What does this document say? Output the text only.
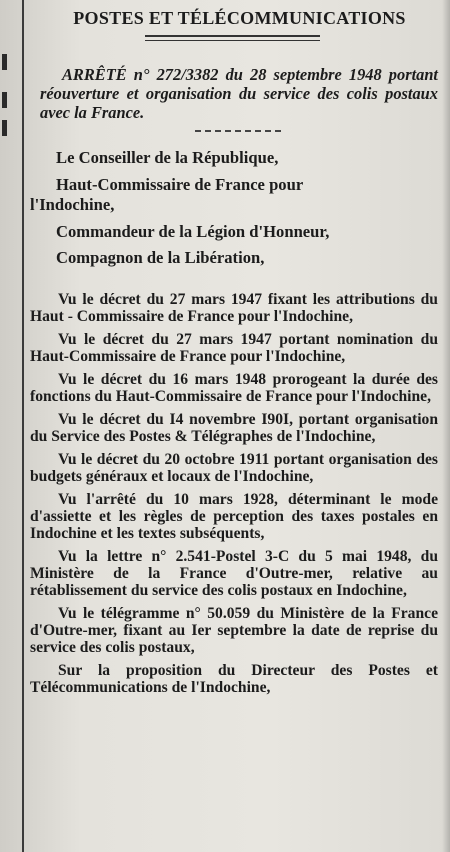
POSTES ET TÉLÉCOMMUNICATIONS
ARRÊTÉ n° 272/3382 du 28 septembre 1948 portant réouverture et organisation du service des colis postaux avec la France.
Le Conseiller de la République,
Haut-Commissaire de France pour
l'Indochine,
Commandeur de la Légion d'Honneur,
Compagnon de la Libération,

Vu le décret du 27 mars 1947 fixant les attributions du Haut - Commissaire de France pour l'Indochine,

Vu le décret du 27 mars 1947 portant nomination du Haut-Commissaire de France pour l'Indochine,

Vu le décret du 16 mars 1948 prorogeant la durée des fonctions du Haut-Commissaire de France pour l'Indochine,

Vu le décret du I4 novembre I90I, portant organisation du Service des Postes & Télégraphes de l'Indochine,

Vu le décret du 20 octobre 1911 portant organisation des budgets généraux et locaux de l'Indochine,

Vu l'arrêté du 10 mars 1928, déterminant le mode d'assiette et les règles de perception des taxes postales en Indochine et les textes subséquents,

Vu la lettre n° 2.541-Postel 3-C du 5 mai 1948, du Ministère de la France d'Outre-mer, relative au rétablissement du service des colis postaux en Indochine,

Vu le télégramme n° 50.059 du Ministère de la France d'Outre-mer, fixant au Ier septembre la date de reprise du service des colis postaux,

Sur la proposition du Directeur des Postes et Télécommunications de l'Indochine,
